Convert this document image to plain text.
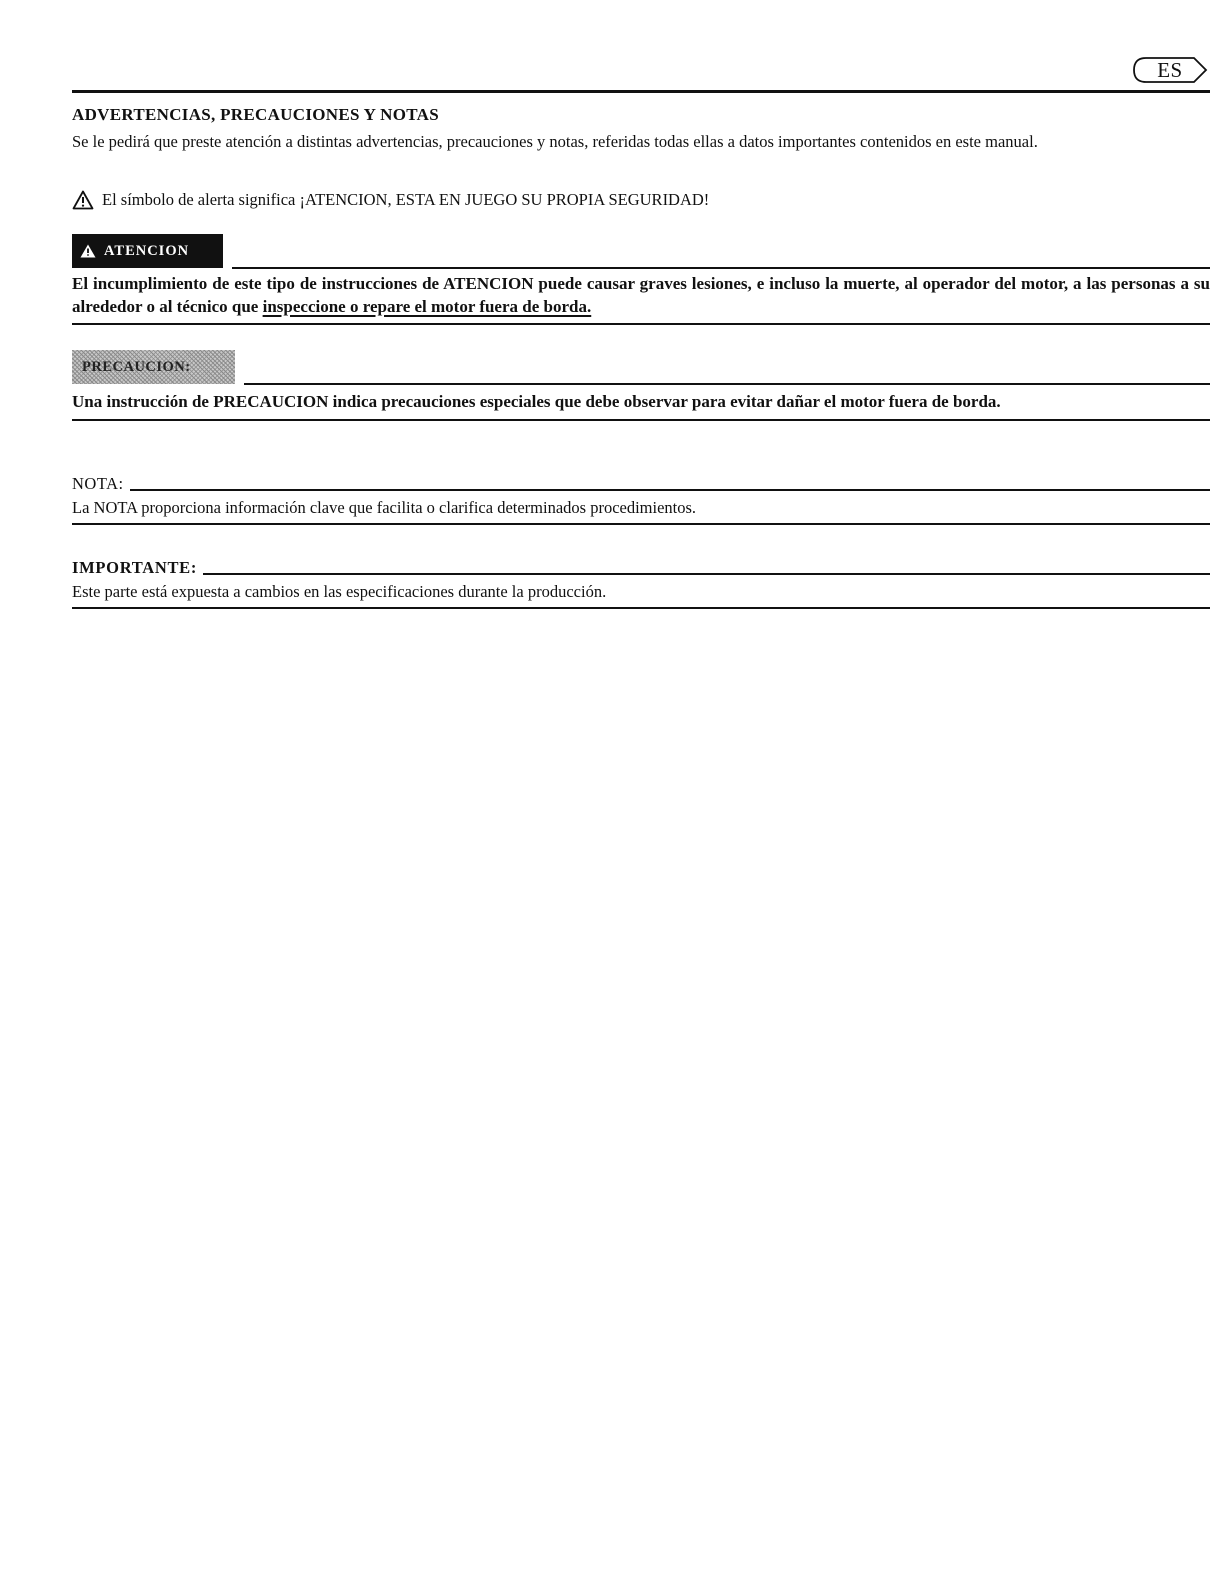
ES
ADVERTENCIAS, PRECAUCIONES Y NOTAS
Se le pedirá que preste atención a distintas advertencias, precauciones y notas, referidas todas ellas a datos importantes contenidos en este manual.
El símbolo de alerta significa ¡ATENCION, ESTA EN JUEGO SU PROPIA SEGURIDAD!
ATENCION
El incumplimiento de este tipo de instrucciones de ATENCION puede causar graves lesiones, e incluso la muerte, al operador del motor, a las personas a su alrededor o al técnico que inspeccione o repare el motor fuera de borda.
PRECAUCION:
Una instrucción de PRECAUCION indica precauciones especiales que debe observar para evitar dañar el motor fuera de borda.
NOTA:
La NOTA proporciona información clave que facilita o clarifica determinados procedimientos.
IMPORTANTE:
Este parte está expuesta a cambios en las especificaciones durante la producción.
